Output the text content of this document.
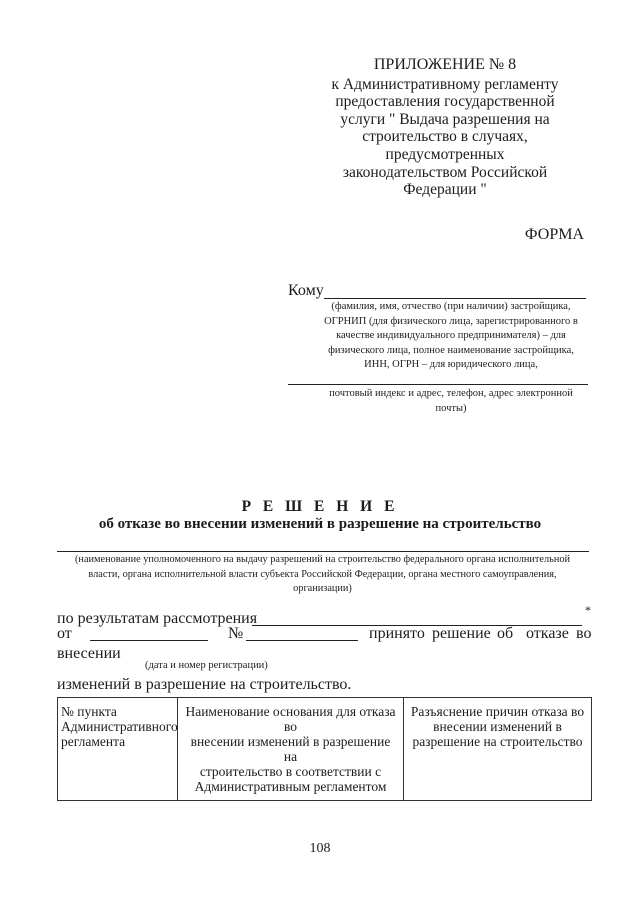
ПРИЛОЖЕНИЕ № 8
к Административному регламенту
предоставления государственной
услуги " Выдача разрешения на
строительство в случаях,
предусмотренных
законодательством Российской
Федерации "
ФОРМА
Кому
(фамилия, имя, отчество (при наличии) застройщика,
ОГРНИП (для физического лица, зарегистрированного в
качестве индивидуального предпринимателя) – для
физического лица, полное наименование застройщика,
ИНН, ОГРН – для юридического лица,
почтовый индекс и адрес, телефон, адрес электронной
почты)
Р Е Ш Е Н И Е
об отказе во внесении изменений в разрешение на строительство
(наименование уполномоченного на выдачу разрешений на строительство федерального органа исполнительной
власти, органа исполнительной власти субъекта Российской Федерации, органа местного самоуправления,
организации)
по результатам рассмотрения	*
от	№	принято решение об отказе во
внесении
(дата и номер регистрации)
изменений в разрешение на строительство.
№ пункта
Административного
регламента

Наименование основания для отказа во
внесении изменений в разрешение на
строительство в соответствии с
Административным регламентом

Разъяснение причин отказа во
внесении изменений в
разрешение на строительство
108
